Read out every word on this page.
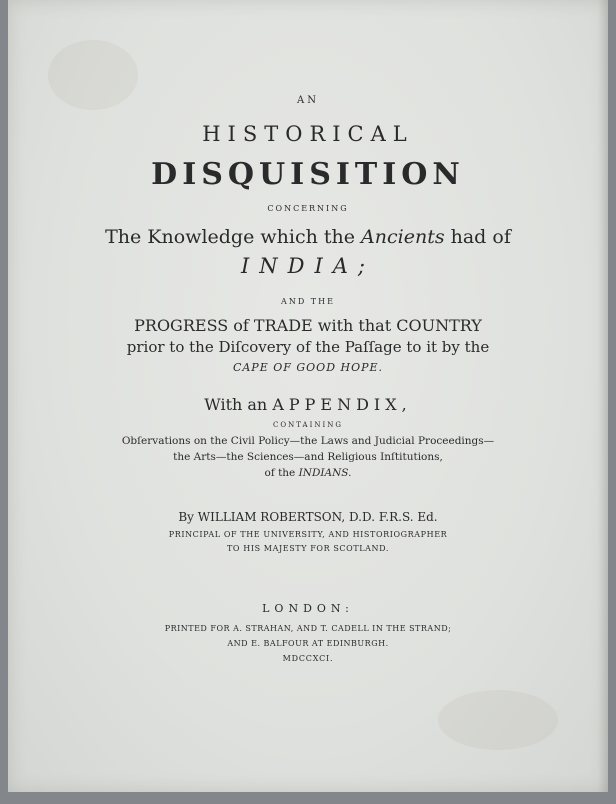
AN
HISTORICAL
DISQUISITION
CONCERNING
The Knowledge which the Ancients had of
INDIA;
AND THE
PROGRESS of TRADE with that COUNTRY
prior to the Diſcovery of the Paſſage to it by the
CAPE OF GOOD HOPE.
With an APPENDIX,
CONTAINING
Obſervations on the Civil Policy—the Laws and Judicial Proceedings—
the Arts—the Sciences—and Religious Inſtitutions,
of the INDIANS.
By WILLIAM ROBERTSON, D.D. F.R.S. Ed.
PRINCIPAL OF THE UNIVERSITY, AND HISTORIOGRAPHER
TO HIS MAJESTY FOR SCOTLAND.
LONDON:
PRINTED FOR A. STRAHAN, AND T. CADELL IN THE STRAND;
AND E. BALFOUR AT EDINBURGH.
MDCCXCI.
